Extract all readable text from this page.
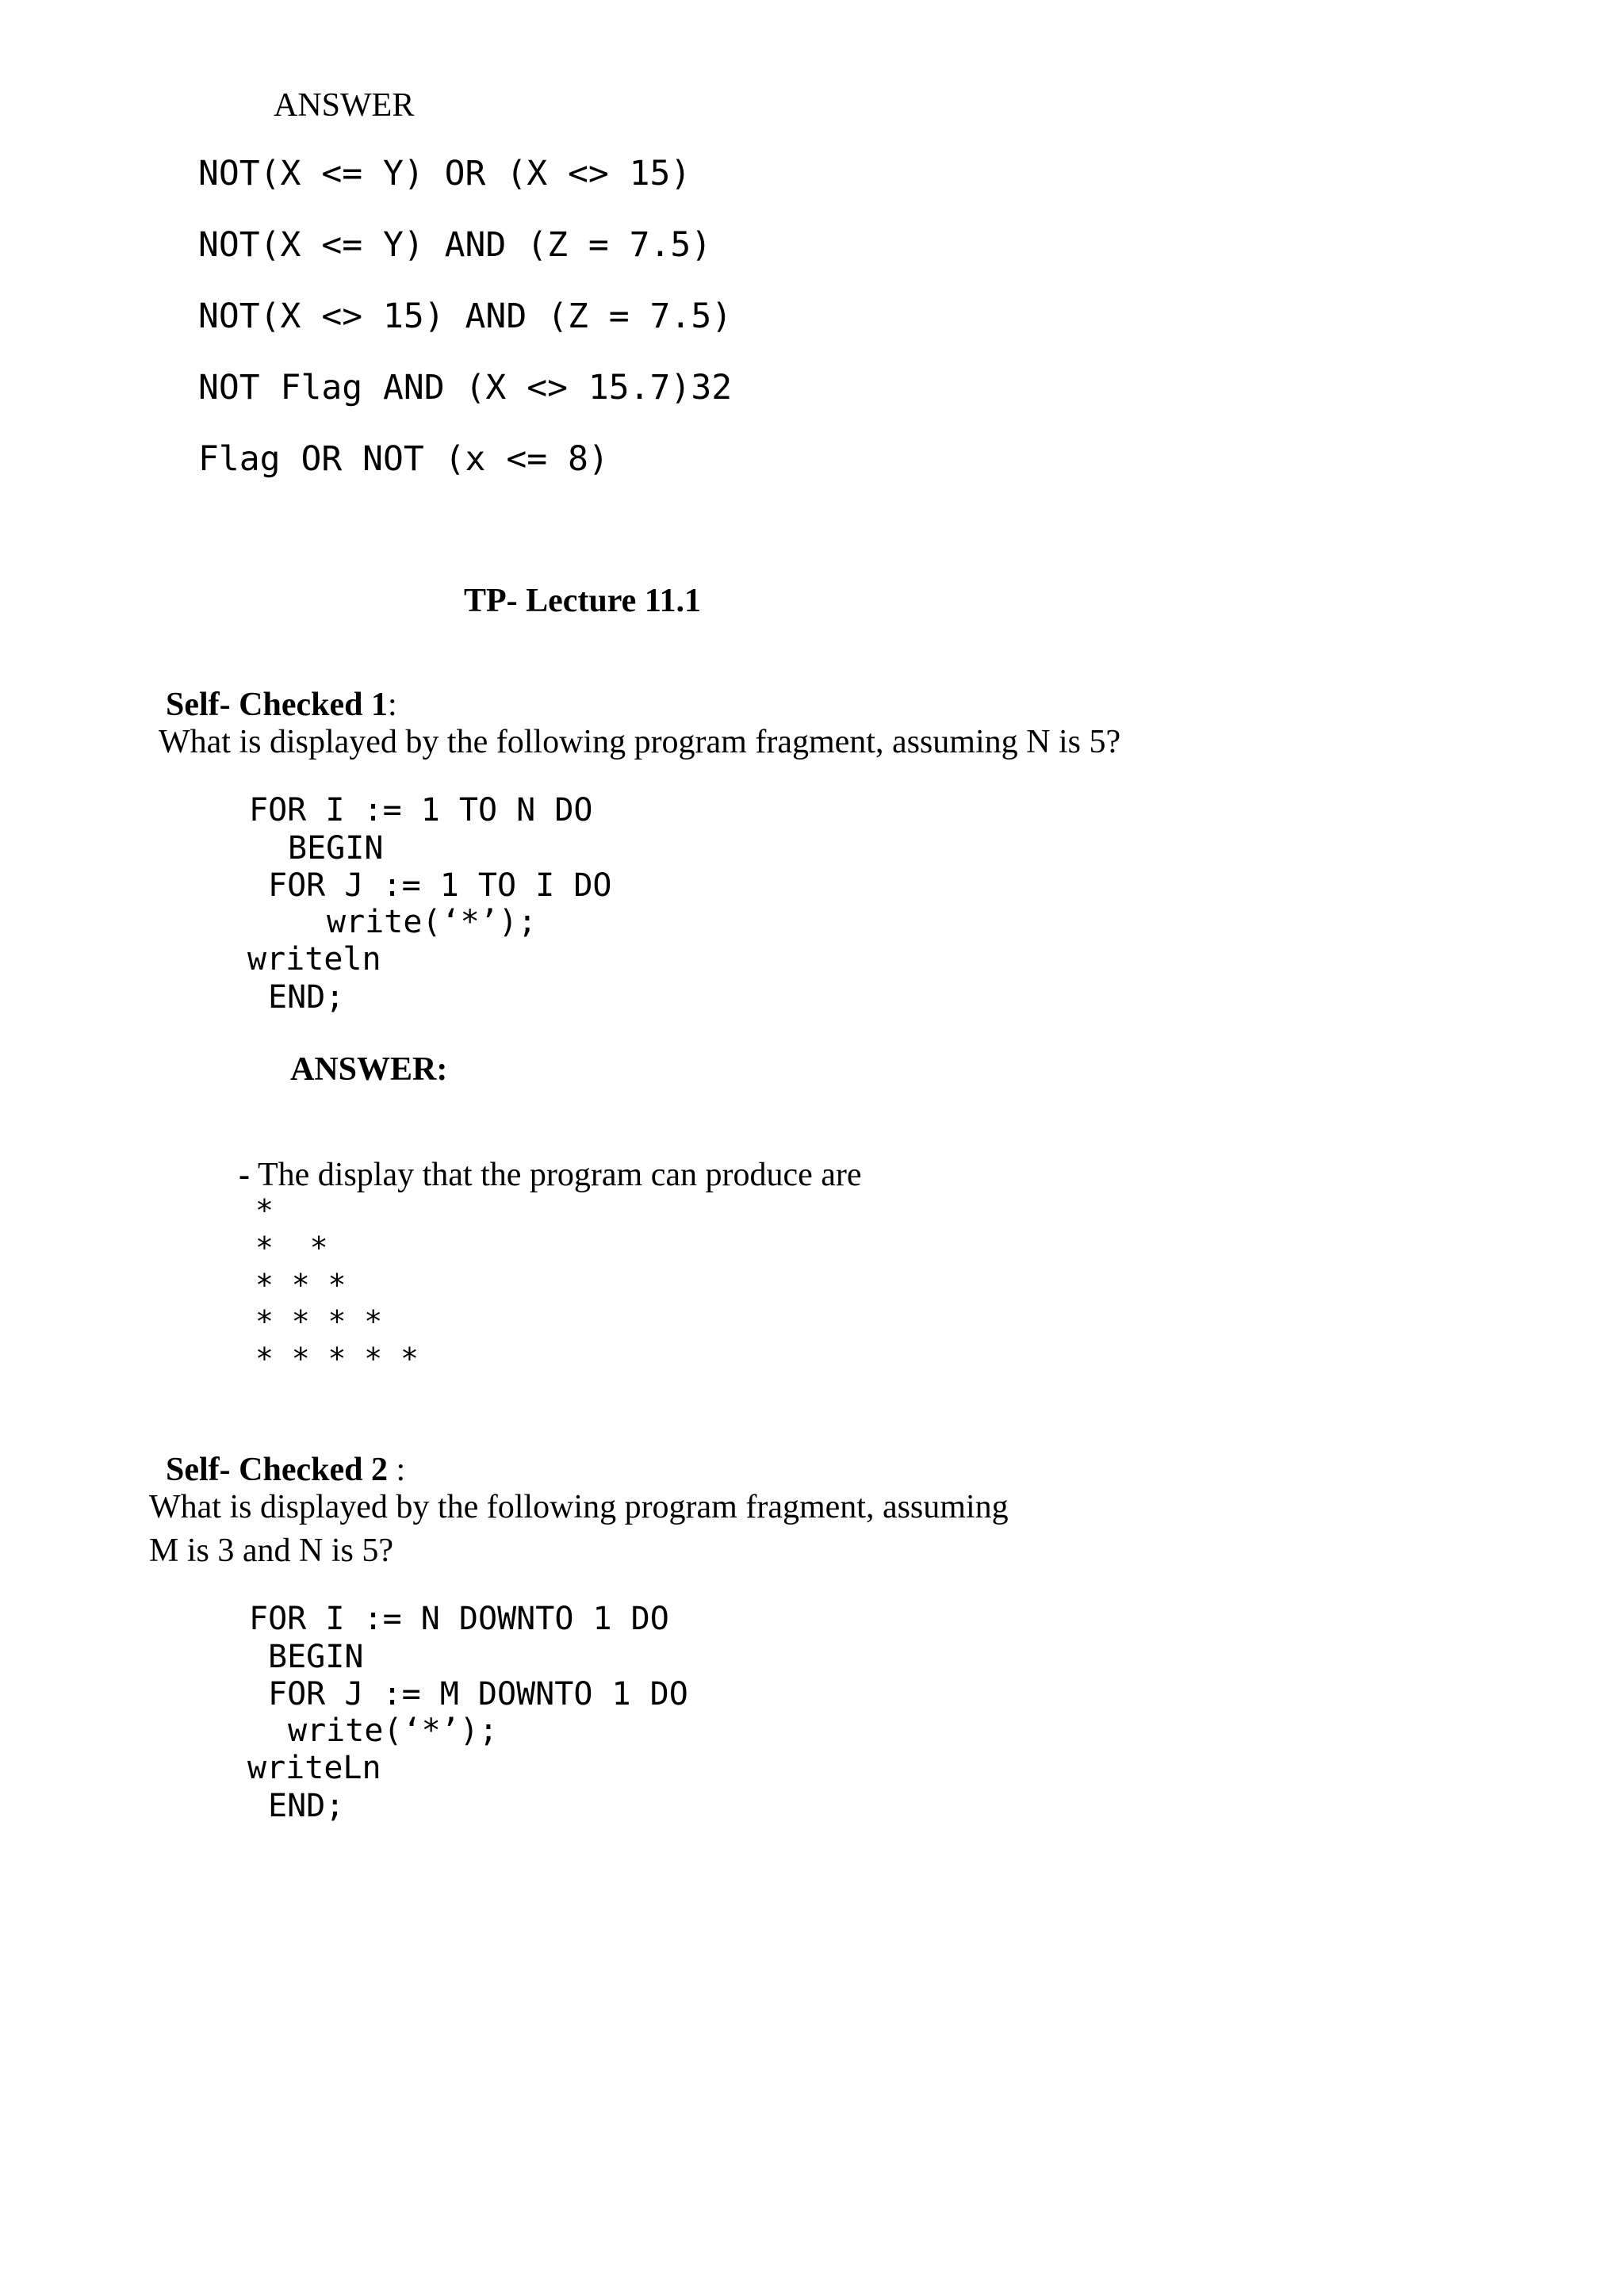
ANSWER
NOT(X <= Y) OR (X <> 15)
NOT(X <= Y) AND (Z = 7.5)
NOT(X <> 15) AND (Z = 7.5)
NOT Flag AND (X <> 15.7)32
Flag OR NOT (x <= 8)
TP- Lecture 11.1

Self- Checked 1:

What is displayed by the following program fragment, assuming N is 5?
FOR I := 1 TO N DO
BEGIN
FOR J := 1 TO I DO
write(‘*’);
writeln
END;
ANSWER:

- The display that the program can produce are

*
*  *
* * *
* * * *
* * * * *

Self- Checked 2 :

What is displayed by the following program fragment, assuming
M is 3 and N is 5?
FOR I := N DOWNTO 1 DO
BEGIN
FOR J := M DOWNTO 1 DO
write(‘*’);
writeLn
END;
